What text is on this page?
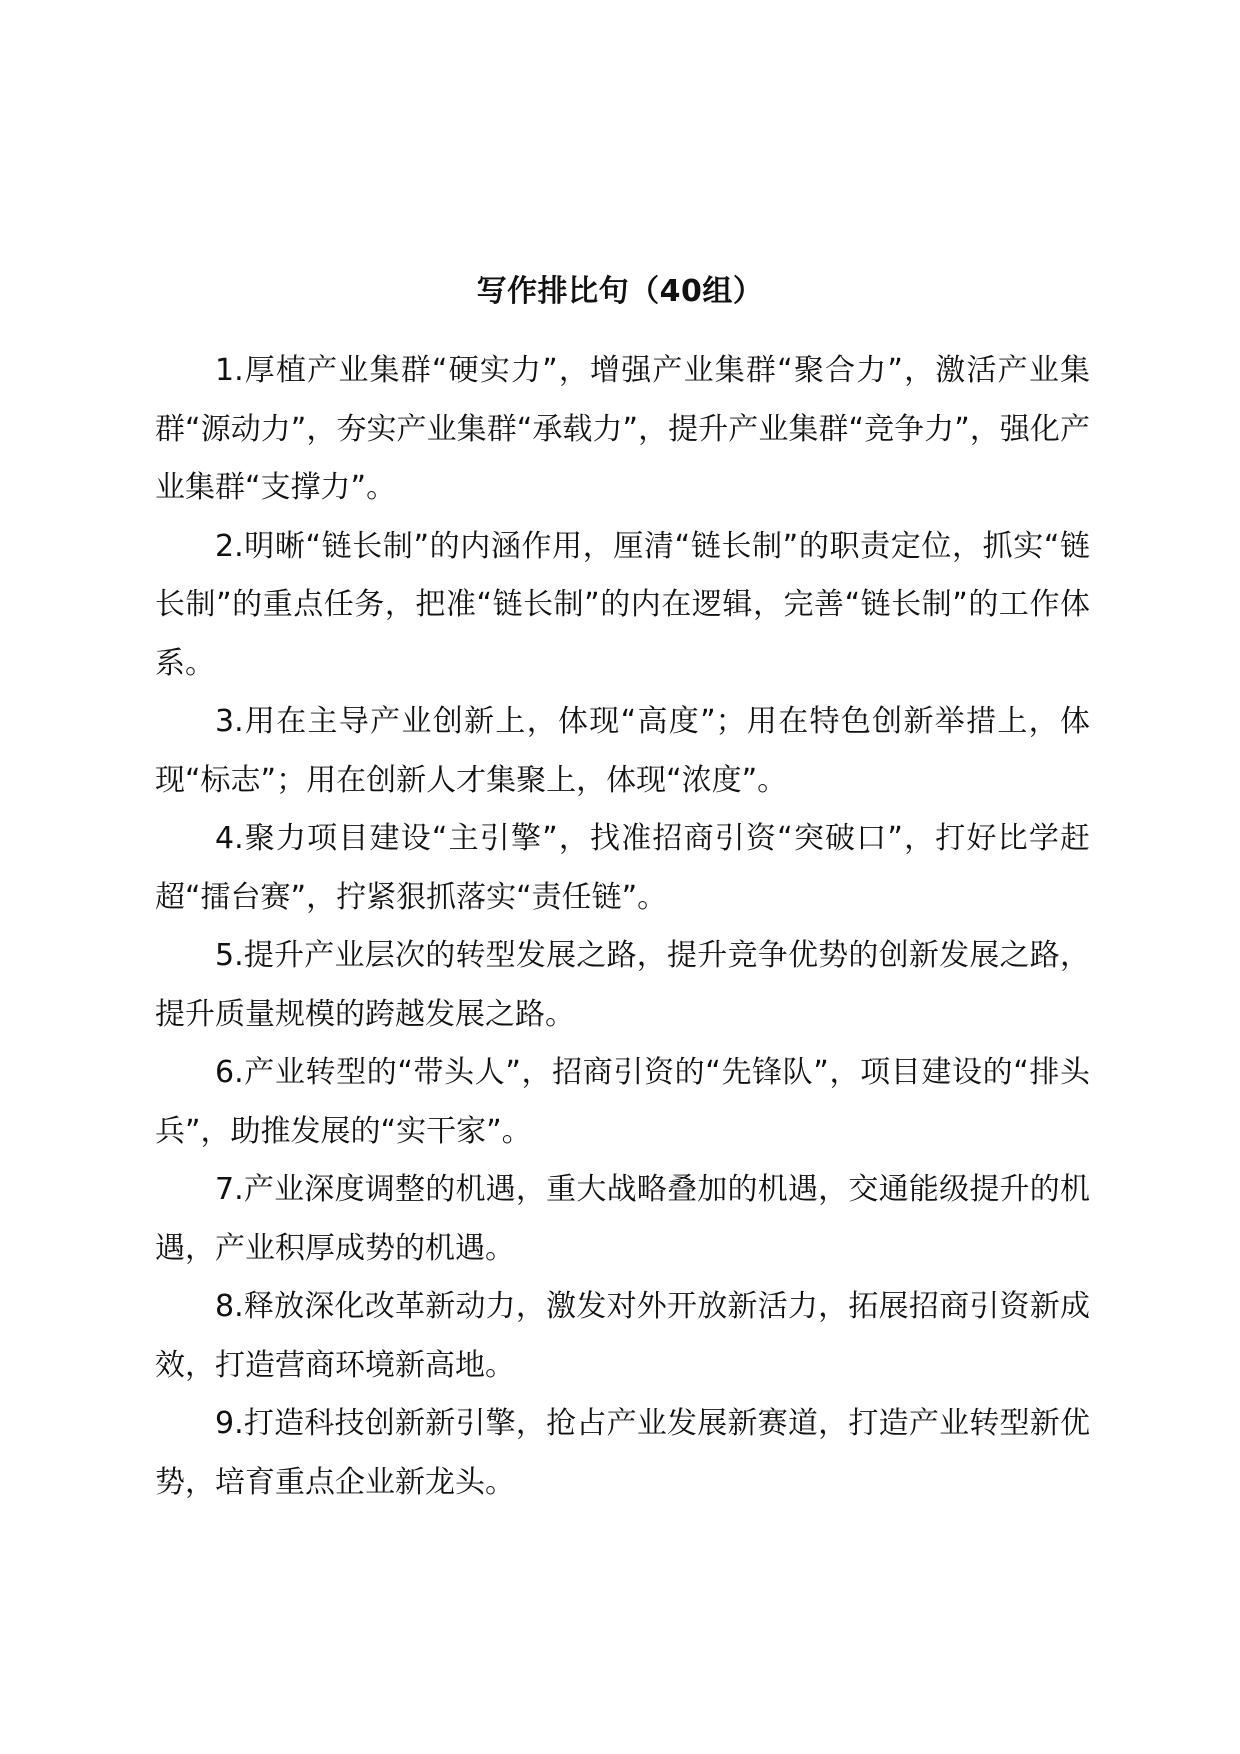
写作排比句（40组）

1.厚植产业集群“硬实力”，增强产业集群“聚合力”，激活产业集群“源动力”，夯实产业集群“承载力”，提升产业集群“竞争力”，强化产业集群“支撑力”。

2.明晰“链长制”的内涵作用，厘清“链长制”的职责定位，抓实“链长制”的重点任务，把准“链长制”的内在逻辑，完善“链长制”的工作体系。

3.用在主导产业创新上，体现“高度”；用在特色创新举措上，体现“标志”；用在创新人才集聚上，体现“浓度”。

4.聚力项目建设“主引擎”，找准招商引资“突破口”，打好比学赶超“擂台赛”，拧紧狠抓落实“责任链”。

5.提升产业层次的转型发展之路，提升竞争优势的创新发展之路，提升质量规模的跨越发展之路。

6.产业转型的“带头人”，招商引资的“先锋队”，项目建设的“排头兵”，助推发展的“实干家”。

7.产业深度调整的机遇，重大战略叠加的机遇，交通能级提升的机遇，产业积厚成势的机遇。

8.释放深化改革新动力，激发对外开放新活力，拓展招商引资新成效，打造营商环境新高地。

9.打造科技创新新引擎，抢占产业发展新赛道，打造产业转型新优势，培育重点企业新龙头。
